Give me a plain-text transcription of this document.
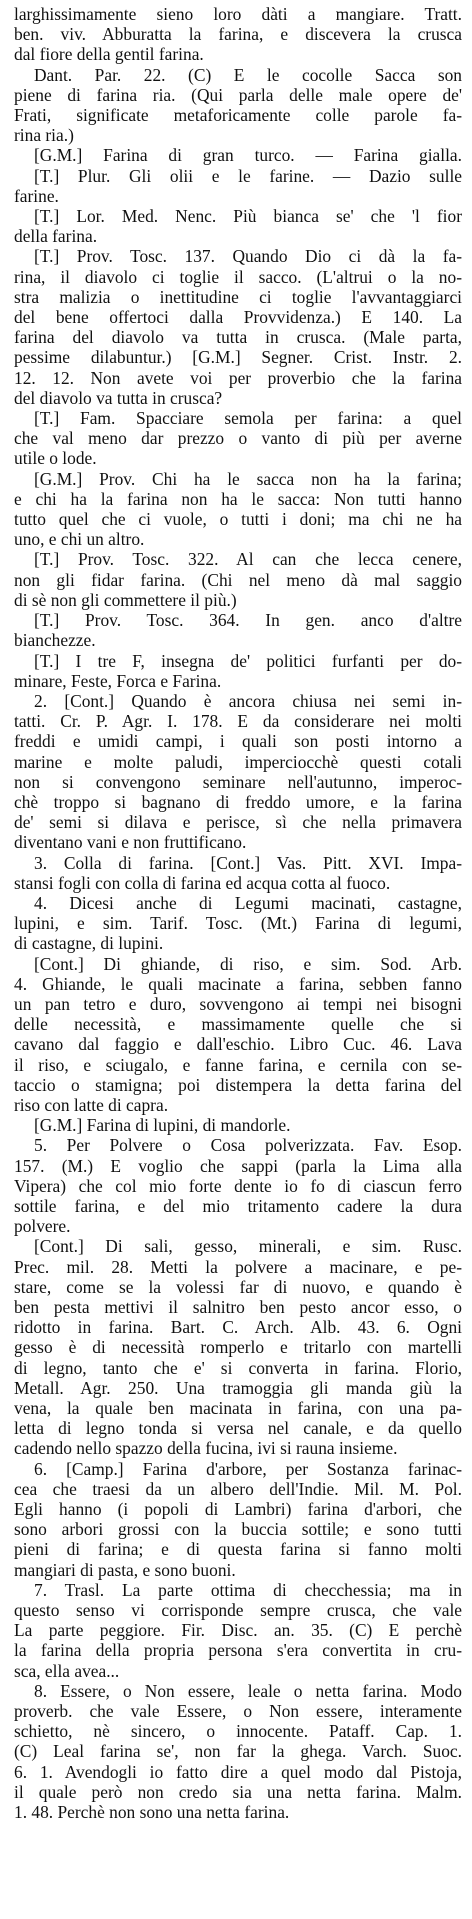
larghissimamente sieno loro dàti a mangiare. Tratt.
ben. viv. Abburatta la farina, e discevera la crusca
dal fiore della gentil farina.
Dant. Par. 22. (C) E le cocolle Sacca son
piene di farina ria. (Qui parla delle male opere de'
Frati, significate metaforicamente colle parole fa-
rina ria.)
[G.M.] Farina di gran turco. — Farina gialla.
[T.] Plur. Gli olii e le farine. — Dazio sulle
farine.
[T.] Lor. Med. Nenc. Più bianca se' che 'l fior
della farina.
[T.] Prov. Tosc. 137. Quando Dio ci dà la fa-
rina, il diavolo ci toglie il sacco. (L'altrui o la no-
stra malizia o inettitudine ci toglie l'avvantaggiarci
del bene offertoci dalla Provvidenza.) E 140. La
farina del diavolo va tutta in crusca. (Male parta,
pessime dilabuntur.) [G.M.] Segner. Crist. Instr. 2.
12. 12. Non avete voi per proverbio che la farina
del diavolo va tutta in crusca?
[T.] Fam. Spacciare semola per farina: a quel
che val meno dar prezzo o vanto di più per averne
utile o lode.
[G.M.] Prov. Chi ha le sacca non ha la farina;
e chi ha la farina non ha le sacca: Non tutti hanno
tutto quel che ci vuole, o tutti i doni; ma chi ne ha
uno, e chi un altro.
[T.] Prov. Tosc. 322. Al can che lecca cenere,
non gli fidar farina. (Chi nel meno dà mal saggio
di sè non gli commettere il più.)
[T.] Prov. Tosc. 364. In gen. anco d'altre
bianchezze.
[T.] I tre F, insegna de' politici furfanti per do-
minare, Feste, Forca e Farina.
2. [Cont.] Quando è ancora chiusa nei semi in-
tatti. Cr. P. Agr. I. 178. E da considerare nei molti
freddi e umidi campi, i quali son posti intorno a
marine e molte paludi, imperciocchè questi cotali
non si convengono seminare nell'autunno, imperoc-
chè troppo si bagnano di freddo umore, e la farina
de' semi si dilava e perisce, sì che nella primavera
diventano vani e non fruttificano.
3. Colla di farina. [Cont.] Vas. Pitt. XVI. Impa-
stansi fogli con colla di farina ed acqua cotta al fuoco.
4. Dicesi anche di Legumi macinati, castagne,
lupini, e sim. Tarif. Tosc. (Mt.) Farina di legumi,
di castagne, di lupini.
[Cont.] Di ghiande, di riso, e sim. Sod. Arb.
4. Ghiande, le quali macinate a farina, sebben fanno
un pan tetro e duro, sovvengono ai tempi nei bisogni
delle necessità, e massimamente quelle che si
cavano dal faggio e dall'eschio. Libro Cuc. 46. Lava
il riso, e sciugalo, e fanne farina, e cernila con se-
taccio o stamigna; poi distempera la detta farina del
riso con latte di capra.
[G.M.] Farina di lupini, di mandorle.
5. Per Polvere o Cosa polverizzata. Fav. Esop.
157. (M.) E voglio che sappi (parla la Lima alla
Vipera) che col mio forte dente io fo di ciascun ferro
sottile farina, e del mio tritamento cadere la dura
polvere.
[Cont.] Di sali, gesso, minerali, e sim. Rusc.
Prec. mil. 28. Metti la polvere a macinare, e pe-
stare, come se la volessi far di nuovo, e quando è
ben pesta mettivi il salnitro ben pesto ancor esso, o
ridotto in farina. Bart. C. Arch. Alb. 43. 6. Ogni
gesso è di necessità romperlo e tritarlo con martelli
di legno, tanto che e' si converta in farina. Florio,
Metall. Agr. 250. Una tramoggia gli manda giù la
vena, la quale ben macinata in farina, con una pa-
letta di legno tonda si versa nel canale, e da quello
cadendo nello spazzo della fucina, ivi si rauna insieme.
6. [Camp.] Farina d'arbore, per Sostanza farinac-
cea che traesi da un albero dell'Indie. Mil. M. Pol.
Egli hanno (i popoli di Lambri) farina d'arbori, che
sono arbori grossi con la buccia sottile; e sono tutti
pieni di farina; e di questa farina si fanno molti
mangiari di pasta, e sono buoni.
7. Trasl. La parte ottima di checchessia; ma in
questo senso vi corrisponde sempre crusca, che vale
La parte peggiore. Fir. Disc. an. 35. (C) E perchè
la farina della propria persona s'era convertita in cru-
sca, ella avea...
8. Essere, o Non essere, leale o netta farina. Modo
proverb. che vale Essere, o Non essere, interamente
schietto, nè sincero, o innocente. Pataff. Cap. 1.
(C) Leal farina se', non far la ghega. Varch. Suoc.
6. 1. Avendogli io fatto dire a quel modo dal Pistoja,
il quale però non credo sia una netta farina. Malm.
1. 48. Perchè non sono una netta farina.
